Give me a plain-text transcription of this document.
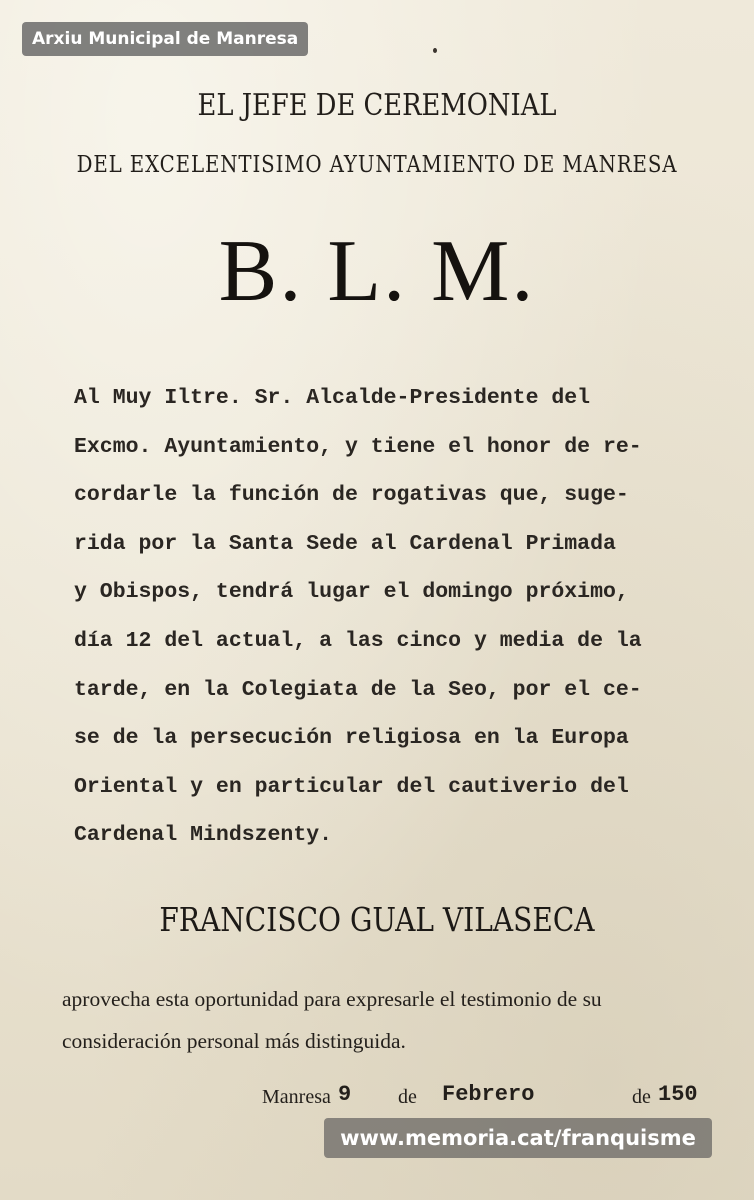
Arxiu Municipal de Manresa
EL JEFE DE CEREMONIAL
DEL EXCELENTISIMO AYUNTAMIENTO DE MANRESA
B. L. M.
Al Muy Iltre. Sr. Alcalde-Presidente del
Excmo. Ayuntamiento, y tiene el honor de re-
cordarle la función de rogativas que, suge-
rida por la Santa Sede al Cardenal Primada
y Obispos, tendrá lugar el domingo próximo,
día 12 del actual, a las cinco y media de la
tarde, en la Colegiata de la Seo, por el ce-
se de la persecución religiosa en la Europa
Oriental y en particular del cautiverio del
Cardenal Mindszenty.
FRANCISCO GUAL VILASECA
aprovecha esta oportunidad para expresarle el testimonio de su
consideración personal más distinguida.
Manresa 9 de Febrero	de 150
www.memoria.cat/franquisme
